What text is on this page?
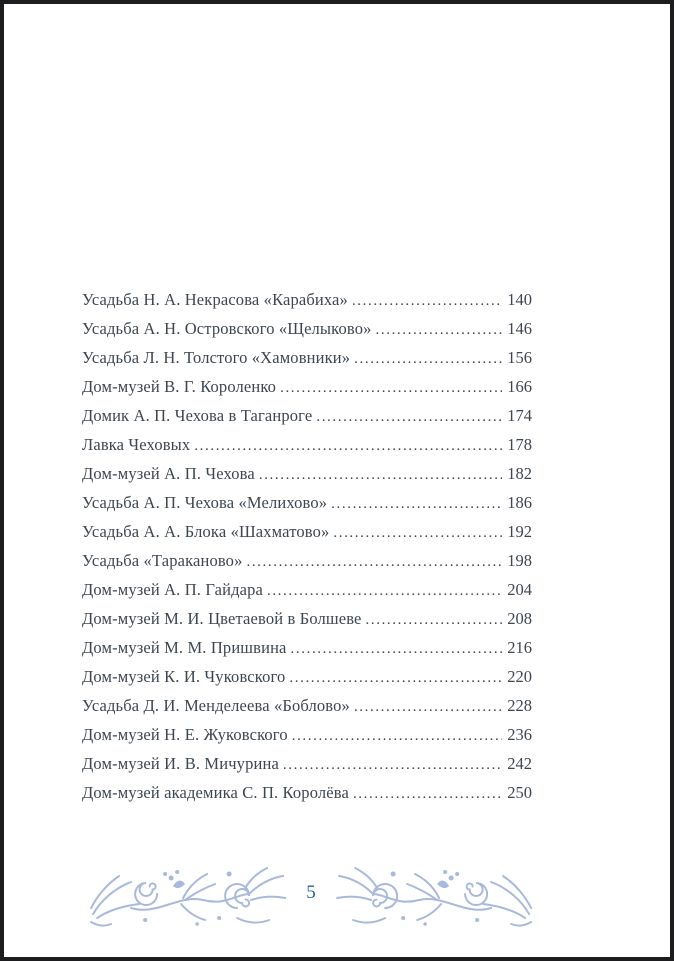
Усадьба Н. А. Некрасова «Карабиха» .....	140
Усадьба А. Н. Островского «Щелыково» .....	146
Усадьба Л. Н. Толстого «Хамовники» .....	156
Дом-музей В. Г. Короленко .....	166
Домик А. П. Чехова в Таганроге .....	174
Лавка Чеховых .....	178
Дом-музей А. П. Чехова .....	182
Усадьба А. П. Чехова «Мелихово» .....	186
Усадьба А. А. Блока «Шахматово» .....	192
Усадьба «Тараканово» .....	198
Дом-музей А. П. Гайдара .....	204
Дом-музей М. И. Цветаевой в Болшеве .....	208
Дом-музей М. М. Пришвина .....	216
Дом-музей К. И. Чуковского .....	220
Усадьба Д. И. Менделеева «Боблово» .....	228
Дом-музей Н. Е. Жуковского .....	236
Дом-музей И. В. Мичурина .....	242
Дом-музей академика С. П. Королёва .....	250
5
